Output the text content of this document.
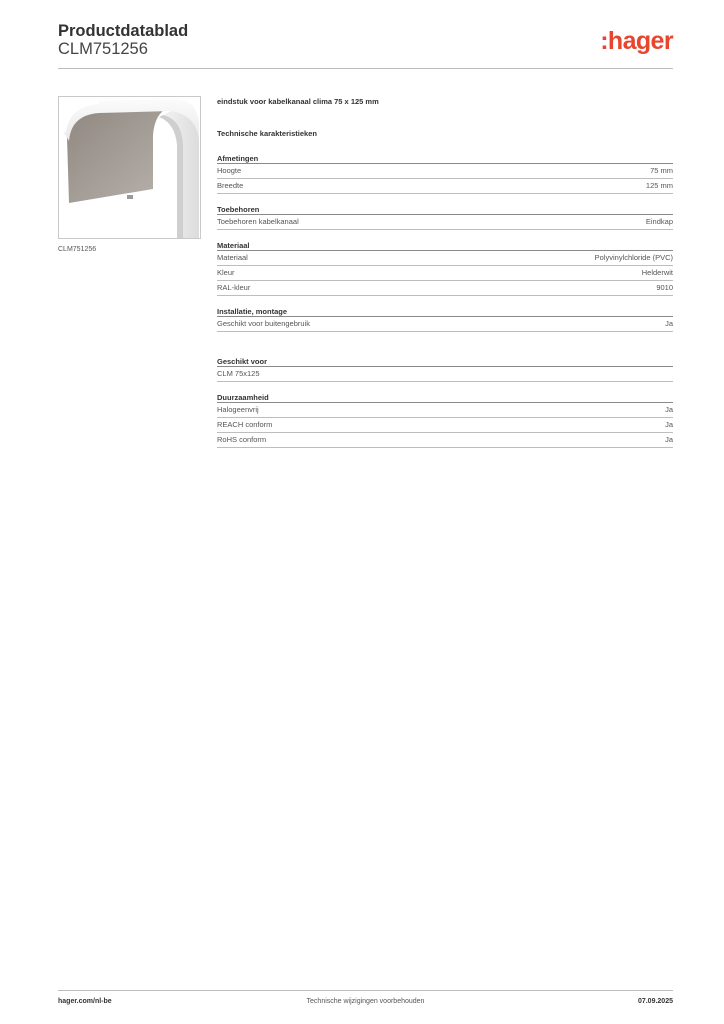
Productdatablad
CLM751256	:hager
CLM751256
eindstuk voor kabelkanaal clima 75 x 125 mm
Technische karakteristieken
Afmetingen
Hoogte	75 mm
Breedte	125 mm
Toebehoren
Toebehoren kabelkanaal	Eindkap
Materiaal
Materiaal	Polyvinylchloride (PVC)
Kleur	Helderwit
RAL-kleur	9010
Installatie, montage
Geschikt voor buitengebruik	Ja
Geschikt voor
CLM 75x125
Duurzaamheid
Halogeenvrij	Ja
REACH conform	Ja
RoHS conform	Ja
hager.com/nl-be	Technische wijzigingen voorbehouden	07.09.2025
